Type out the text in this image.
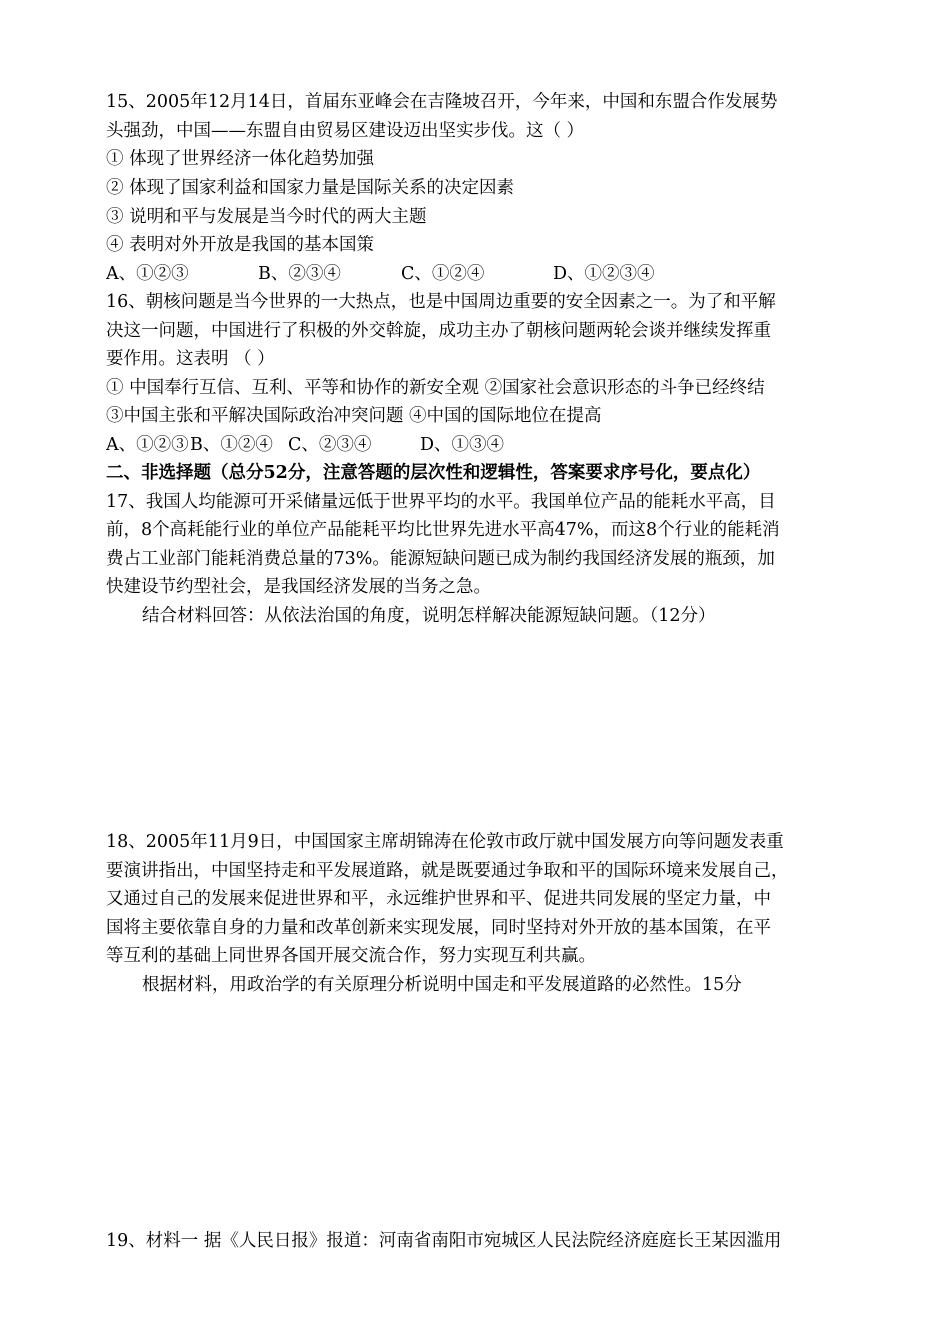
15、2005年12月14日，首届东亚峰会在吉隆坡召开，今年来，中国和东盟合作发展势
头强劲，中国——东盟自由贸易区建设迈出坚实步伐。这（ ）
① 体现了世界经济一体化趋势加强
② 体现了国家利益和国家力量是国际关系的决定因素
③ 说明和平与发展是当今时代的两大主题
④ 表明对外开放是我国的基本国策
A、①②③	B、②③④	C、①②④	D、①②③④
16、朝核问题是当今世界的一大热点，也是中国周边重要的安全因素之一。为了和平解
决这一问题，中国进行了积极的外交斡旋，成功主办了朝核问题两轮会谈并继续发挥重
要作用。这表明 （ ）
① 中国奉行互信、互利、平等和协作的新安全观 ②国家社会意识形态的斗争已经终结
③中国主张和平解决国际政治冲突问题 ④中国的国际地位在提高
A、①②③B、①②④ C、②③④	D、①③④
二、非选择题（总分52分，注意答题的层次性和逻辑性，答案要求序号化，要点化）
17、我国人均能源可开采储量远低于世界平均的水平。我国单位产品的能耗水平高，目
前，8个高耗能行业的单位产品能耗平均比世界先进水平高47%，而这8个行业的能耗消
费占工业部门能耗消费总量的73%。能源短缺问题已成为制约我国经济发展的瓶颈，加
快建设节约型社会，是我国经济发展的当务之急。
结合材料回答：从依法治国的角度，说明怎样解决能源短缺问题。（12分）
18、2005年11月9日，中国国家主席胡锦涛在伦敦市政厅就中国发展方向等问题发表重
要演讲指出，中国坚持走和平发展道路，就是既要通过争取和平的国际环境来发展自己，
又通过自己的发展来促进世界和平，永远维护世界和平、促进共同发展的坚定力量，中
国将主要依靠自身的力量和改革创新来实现发展，同时坚持对外开放的基本国策，在平
等互利的基础上同世界各国开展交流合作，努力实现互利共赢。
根据材料，用政治学的有关原理分析说明中国走和平发展道路的必然性。15分
19、材料一 据《人民日报》报道：河南省南阳市宛城区人民法院经济庭庭长王某因滥用
